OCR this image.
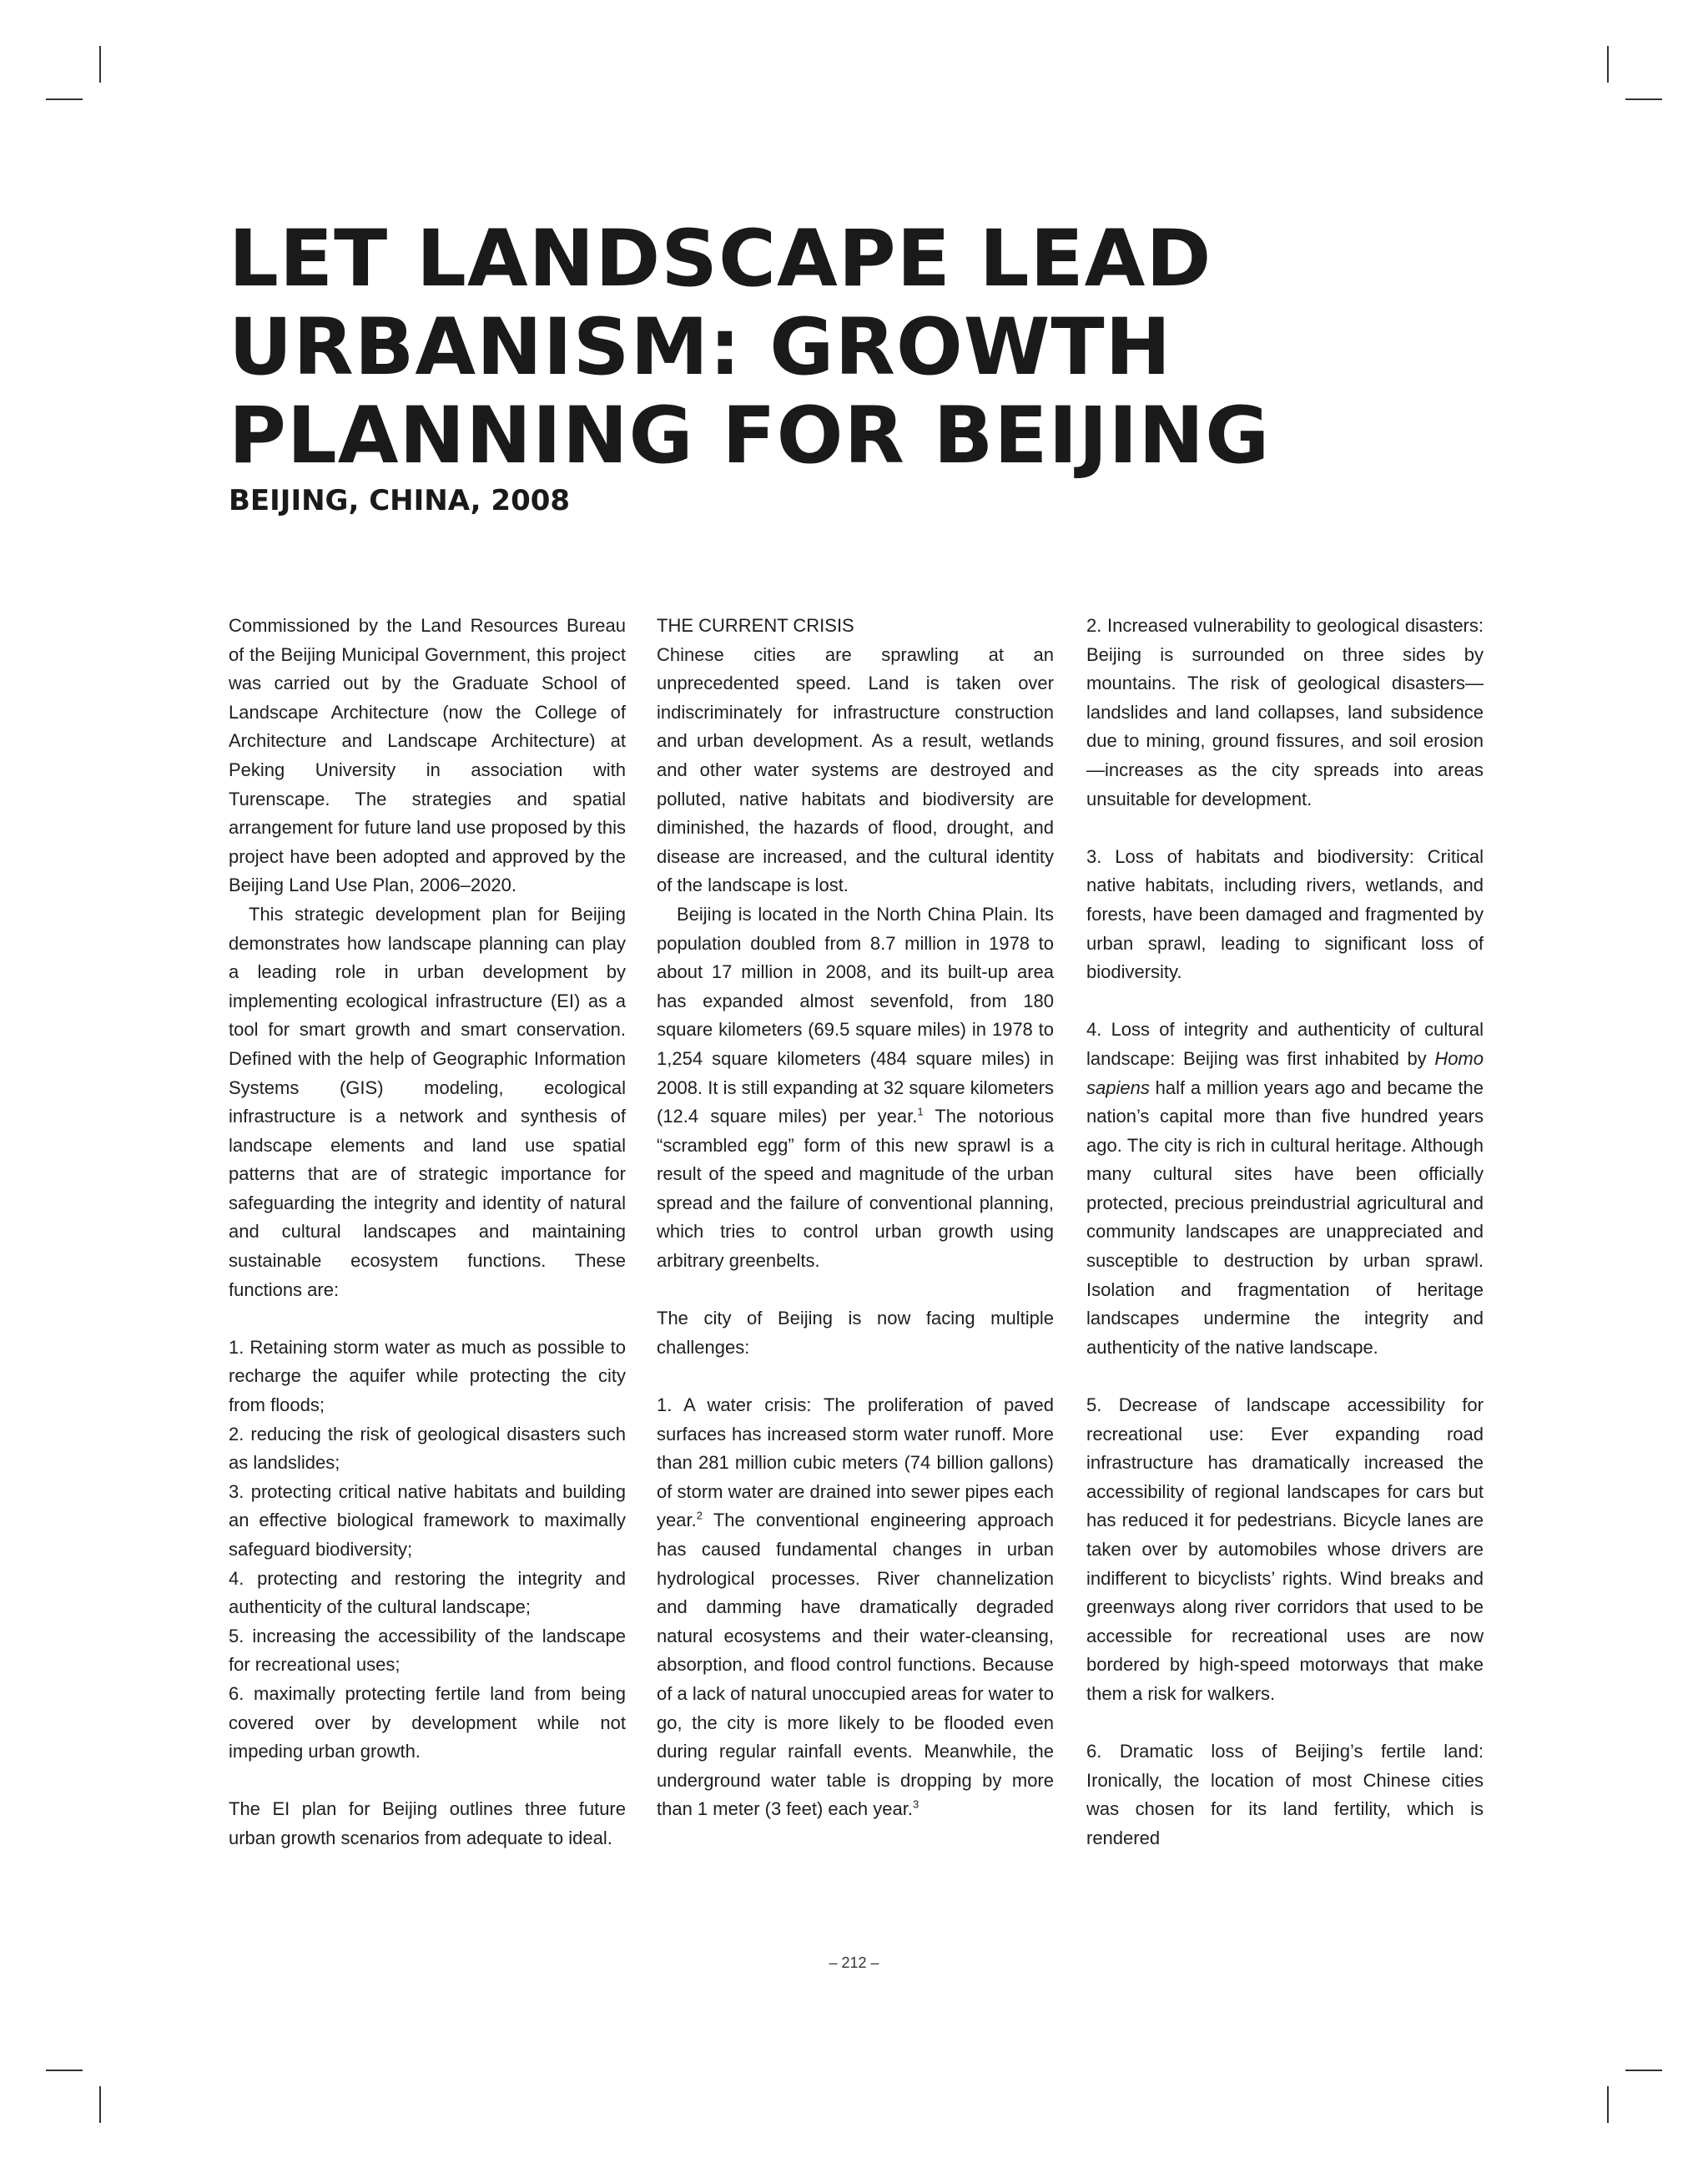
LET LANDSCAPE LEAD
URBANISM: GROWTH
PLANNING FOR BEIJING
BEIJING, CHINA, 2008

Commissioned by the Land Resources Bureau of the Beijing Municipal Government, this project was carried out by the Graduate School of Landscape Architecture (now the College of Architecture and Landscape Architecture) at Peking University in association with Turenscape. The strategies and spatial arrangement for future land use proposed by this project have been adopted and approved by the Beijing Land Use Plan, 2006–2020.

This strategic development plan for Beijing demonstrates how landscape planning can play a leading role in urban development by implementing ecological infrastructure (EI) as a tool for smart growth and smart conservation. Defined with the help of Geographic Information Systems (GIS) modeling, ecological infrastructure is a network and synthesis of landscape elements and land use spatial patterns that are of strategic importance for safeguarding the integrity and identity of natural and cultural landscapes and maintaining sustainable ecosystem functions. These functions are:

1. Retaining storm water as much as possible to recharge the aquifer while protecting the city from floods;

2. reducing the risk of geological disasters such as landslides;

3. protecting critical native habitats and building an effective biological framework to maximally safeguard biodiversity;

4. protecting and restoring the integrity and authenticity of the cultural landscape;

5. increasing the accessibility of the landscape for recreational uses;

6. maximally protecting fertile land from being covered over by development while not impeding urban growth.

The EI plan for Beijing outlines three future urban growth scenarios from adequate to ideal.

THE CURRENT CRISIS

Chinese cities are sprawling at an unprecedented speed. Land is taken over indiscriminately for infrastructure construction and urban development. As a result, wetlands and other water systems are destroyed and polluted, native habitats and biodiversity are diminished, the hazards of flood, drought, and disease are increased, and the cultural identity of the landscape is lost.

Beijing is located in the North China Plain. Its population doubled from 8.7 million in 1978 to about 17 million in 2008, and its built-up area has expanded almost sevenfold, from 180 square kilometers (69.5 square miles) in 1978 to 1,254 square kilometers (484 square miles) in 2008. It is still expanding at 32 square kilometers (12.4 square miles) per year.$^1$ The notorious “scrambled egg” form of this new sprawl is a result of the speed and magnitude of the urban spread and the failure of conventional planning, which tries to control urban growth using arbitrary greenbelts.

The city of Beijing is now facing multiple challenges:

1. A water crisis: The proliferation of paved surfaces has increased storm water runoff. More than 281 million cubic meters (74 billion gallons) of storm water are drained into sewer pipes each year.$^2$ The conventional engineering approach has caused fundamental changes in urban hydrological processes. River channelization and damming have dramatically degraded natural ecosystems and their water-cleansing, absorption, and flood control functions. Because of a lack of natural unoccupied areas for water to go, the city is more likely to be flooded even during regular rainfall events. Meanwhile, the underground water table is dropping by more than 1 meter (3 feet) each year.$^3$

2. Increased vulnerability to geological disasters: Beijing is surrounded on three sides by mountains. The risk of geological disasters—landslides and land collapses, land subsidence due to mining, ground fissures, and soil erosion—increases as the city spreads into areas unsuitable for development.

3. Loss of habitats and biodiversity: Critical native habitats, including rivers, wetlands, and forests, have been damaged and fragmented by urban sprawl, leading to significant loss of biodiversity.

4. Loss of integrity and authenticity of cultural landscape: Beijing was first inhabited by Homo sapiens half a million years ago and became the nation’s capital more than five hundred years ago. The city is rich in cultural heritage. Although many cultural sites have been officially protected, precious preindustrial agricultural and community landscapes are unappreciated and susceptible to destruction by urban sprawl. Isolation and fragmentation of heritage landscapes undermine the integrity and authenticity of the native landscape.

5. Decrease of landscape accessibility for recreational use: Ever expanding road infrastructure has dramatically increased the accessibility of regional landscapes for cars but has reduced it for pedestrians. Bicycle lanes are taken over by automobiles whose drivers are indifferent to bicyclists’ rights. Wind breaks and greenways along river corridors that used to be accessible for recreational uses are now bordered by high-speed motorways that make them a risk for walkers.

6. Dramatic loss of Beijing’s fertile land: Ironically, the location of most Chinese cities was chosen for its land fertility, which is rendered

– 212 –
